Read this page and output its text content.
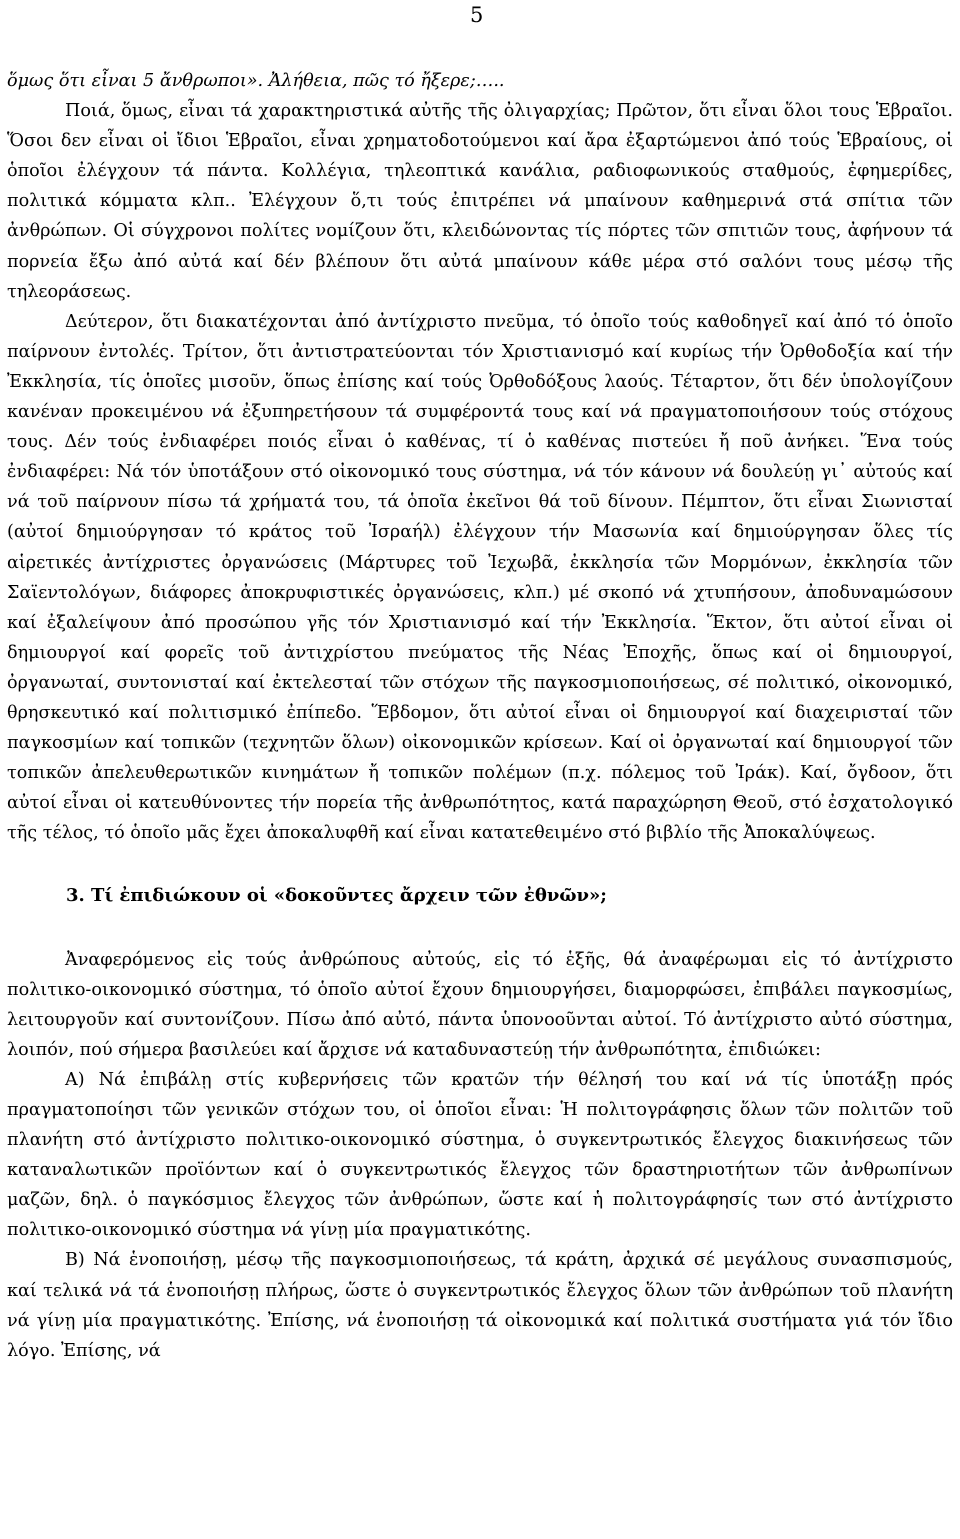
5

ὅμως ὅτι εἶναι 5 ἄνθρωποι». Ἀλήθεια, πῶς τό ἤξερε;…..

Ποιά, ὅμως, εἶναι τά χαρακτηριστικά αὐτῆς τῆς ὀλιγαρχίας; Πρῶτον, ὅτι εἶναι ὅλοι τους Ἑβραῖοι. Ὅσοι δεν εἶναι οἱ ἴδιοι Ἑβραῖοι, εἶναι χρηματοδοτούμενοι καί ἄρα ἐξαρτώμενοι ἀπό τούς Ἑβραίους, οἱ ὁποῖοι ἐλέγχουν τά πάντα. Κολλέγια, τηλεοπτικά κανάλια, ραδιοφωνικούς σταθμούς, ἐφημερίδες, πολιτικά κόμματα κλπ.. Ἐλέγχουν ὅ,τι τούς ἐπιτρέπει νά μπαίνουν καθημερινά στά σπίτια τῶν ἀνθρώπων. Οἱ σύγχρονοι πολίτες νομίζουν ὅτι, κλειδώνοντας τίς πόρτες τῶν σπιτιῶν τους, ἀφήνουν τά πορνεία ἔξω ἀπό αὐτά καί δέν βλέπουν ὅτι αὐτά μπαίνουν κάθε μέρα στό σαλόνι τους μέσῳ τῆς τηλεοράσεως.

Δεύτερον, ὅτι διακατέχονται ἀπό ἀντίχριστο πνεῦμα, τό ὁποῖο τούς καθοδηγεῖ καί ἀπό τό ὁποῖο παίρνουν ἐντολές. Τρίτον, ὅτι ἀντιστρατεύονται τόν Χριστιανισμό καί κυρίως τήν Ὀρθοδοξία καί τήν Ἐκκλησία, τίς ὁποῖες μισοῦν, ὅπως ἐπίσης καί τούς Ὀρθοδόξους λαούς. Τέταρτον, ὅτι δέν ὑπολογίζουν κανέναν προκειμένου νά ἐξυπηρετήσουν τά συμφέροντά τους καί νά πραγματοποιήσουν τούς στόχους τους. Δέν τούς ἐνδιαφέρει ποιός εἶναι ὁ καθένας, τί ὁ καθένας πιστεύει ἤ ποῦ ἀνήκει. Ἕνα τούς ἐνδιαφέρει: Νά τόν ὑποτάξουν στό οἰκονομικό τους σύστημα, νά τόν κάνουν νά δουλεύῃ γι᾽ αὐτούς καί νά τοῦ παίρνουν πίσω τά χρήματά του, τά ὁποῖα ἐκεῖνοι θά τοῦ δίνουν. Πέμπτον, ὅτι εἶναι Σιωνισταί (αὐτοί δημιούργησαν τό κράτος τοῦ Ἰσραήλ) ἐλέγχουν τήν Μασωνία καί δημιούργησαν ὅλες τίς αἱρετικές ἀντίχριστες ὀργανώσεις (Μάρτυρες τοῦ Ἰεχωβᾶ, ἐκκλησία τῶν Μορμόνων, ἐκκλησία τῶν Σαϊεντολόγων, διάφορες ἀποκρυφιστικές ὀργανώσεις, κλπ.) μέ σκοπό νά χτυπήσουν, ἀποδυναμώσουν καί ἐξαλείψουν ἀπό προσώπου γῆς τόν Χριστιανισμό καί τήν Ἐκκλησία. Ἕκτον, ὅτι αὐτοί εἶναι οἱ δημιουργοί καί φορεῖς τοῦ ἀντιχρίστου πνεύματος τῆς Νέας Ἐποχῆς, ὅπως καί οἱ δημιουργοί, ὀργανωταί, συντονισταί καί ἐκτελεσταί τῶν στόχων τῆς παγκοσμιοποιήσεως, σέ πολιτικό, οἰκονομικό, θρησκευτικό καί πολιτισμικό ἐπίπεδο. Ἕβδομον, ὅτι αὐτοί εἶναι οἱ δημιουργοί καί διαχειρισταί τῶν παγκοσμίων καί τοπικῶν (τεχνητῶν ὅλων) οἰκονομικῶν κρίσεων. Καί οἱ ὀργανωταί καί δημιουργοί τῶν τοπικῶν ἀπελευθερωτικῶν κινημάτων ἤ τοπικῶν πολέμων (π.χ. πόλεμος τοῦ Ἰράκ). Καί, ὄγδοον, ὅτι αὐτοί εἶναι οἱ κατευθύνοντες τήν πορεία τῆς ἀνθρωπότητος, κατά παραχώρηση Θεοῦ, στό ἐσχατολογικό τῆς τέλος, τό ὁποῖο μᾶς ἔχει ἀποκαλυφθῆ καί εἶναι κατατεθειμένο στό βιβλίο τῆς Ἀποκαλύψεως.

3. Τί ἐπιδιώκουν οἱ «δοκοῦντες ἄρχειν τῶν ἐθνῶν»;

Ἀναφερόμενος εἰς τούς ἀνθρώπους αὐτούς, εἰς τό ἑξῆς, θά ἀναφέρωμαι εἰς τό ἀντίχριστο πολιτικο-οικονομικό σύστημα, τό ὁποῖο αὐτοί ἔχουν δημιουργήσει, διαμορφώσει, ἐπιβάλει παγκοσμίως, λειτουργοῦν καί συντονίζουν. Πίσω ἀπό αὐτό, πάντα ὑπονοοῦνται αὐτοί. Τό ἀντίχριστο αὐτό σύστημα, λοιπόν, πού σήμερα βασιλεύει καί ἄρχισε νά καταδυναστεύῃ τήν ἀνθρωπότητα, ἐπιδιώκει:

Α) Νά ἐπιβάλῃ στίς κυβερνήσεις τῶν κρατῶν τήν θέλησή του καί νά τίς ὑποτάξῃ πρός πραγματοποίησι τῶν γενικῶν στόχων του, οἱ ὁποῖοι εἶναι: Ἡ πολιτογράφησις ὅλων τῶν πολιτῶν τοῦ πλανήτη στό ἀντίχριστο πολιτικο-οικονομικό σύστημα, ὁ συγκεντρωτικός ἔλεγχος διακινήσεως τῶν καταναλωτικῶν προϊόντων καί ὁ συγκεντρωτικός ἔλεγχος τῶν δραστηριοτήτων τῶν ἀνθρωπίνων μαζῶν, δηλ. ὁ παγκόσμιος ἔλεγχος τῶν ἀνθρώπων, ὥστε καί ἡ πολιτογράφησίς των στό ἀντίχριστο πολιτικο-οικονομικό σύστημα νά γίνῃ μία πραγματικότης.

Β) Νά ἑνοποιήσῃ, μέσῳ τῆς παγκοσμιοποιήσεως, τά κράτη, ἀρχικά σέ μεγάλους συνασπισμούς, καί τελικά νά τά ἑνοποιήσῃ πλήρως, ὥστε ὁ συγκεντρωτικός ἔλεγχος ὅλων τῶν ἀνθρώπων τοῦ πλανήτη νά γίνῃ μία πραγματικότης. Ἐπίσης, νά ἑνοποιήσῃ τά οἰκονομικά καί πολιτικά συστήματα γιά τόν ἴδιο λόγο. Ἐπίσης, νά
